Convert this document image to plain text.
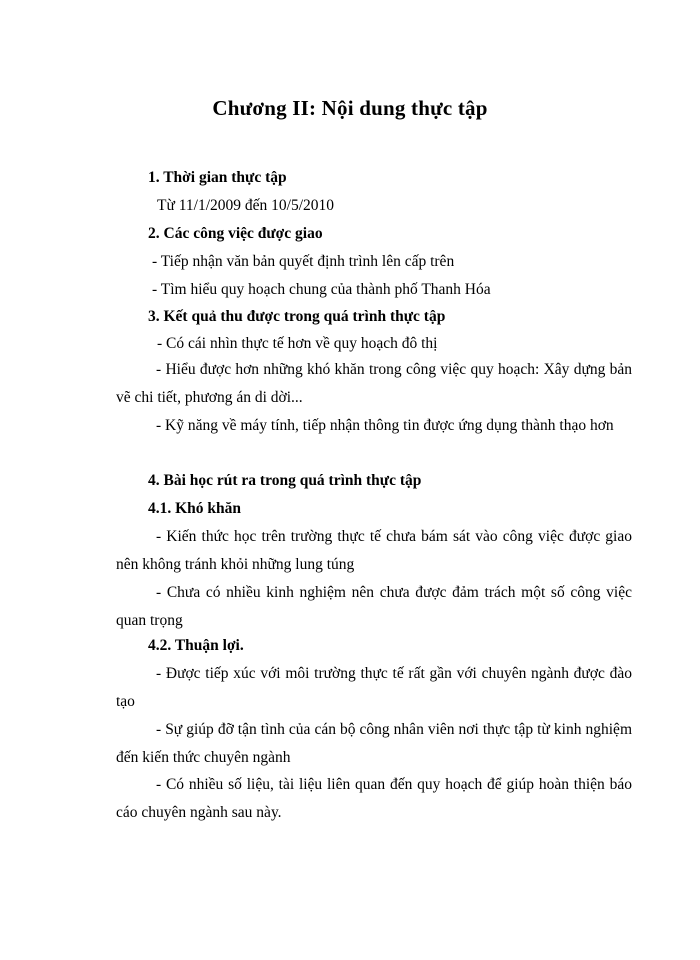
Chương II: Nội dung thực tập
1. Thời gian thực tập
Từ 11/1/2009 đến 10/5/2010
2. Các công việc được giao
- Tiếp nhận văn bản quyết định trình lên cấp trên
- Tìm hiểu quy hoạch chung của thành phố Thanh Hóa
3. Kết quả thu được trong quá trình thực tập
- Có cái nhìn thực tế hơn về quy hoạch đô thị
- Hiểu được hơn những khó khăn trong công việc quy hoạch: Xây dựng bản vẽ chi tiết, phương án di dời...
- Kỹ năng về máy tính, tiếp nhận thông tin được ứng dụng thành thạo hơn
4. Bài học rút ra trong quá trình thực tập
4.1. Khó khăn
- Kiến thức học trên trường thực tế chưa bám sát vào công việc được giao nên không tránh khỏi những lung túng
- Chưa có nhiều kinh nghiệm nên chưa được đảm trách một số công việc quan trọng
4.2. Thuận lợi.
- Được tiếp xúc với môi trường thực tế rất gần với chuyên ngành được đào tạo
- Sự giúp đỡ tận tình của cán bộ công nhân viên nơi thực tập từ kinh nghiệm đến kiến thức chuyên ngành
- Có nhiều số liệu, tài liệu liên quan đến quy hoạch để giúp hoàn thiện báo cáo chuyên ngành sau này.
